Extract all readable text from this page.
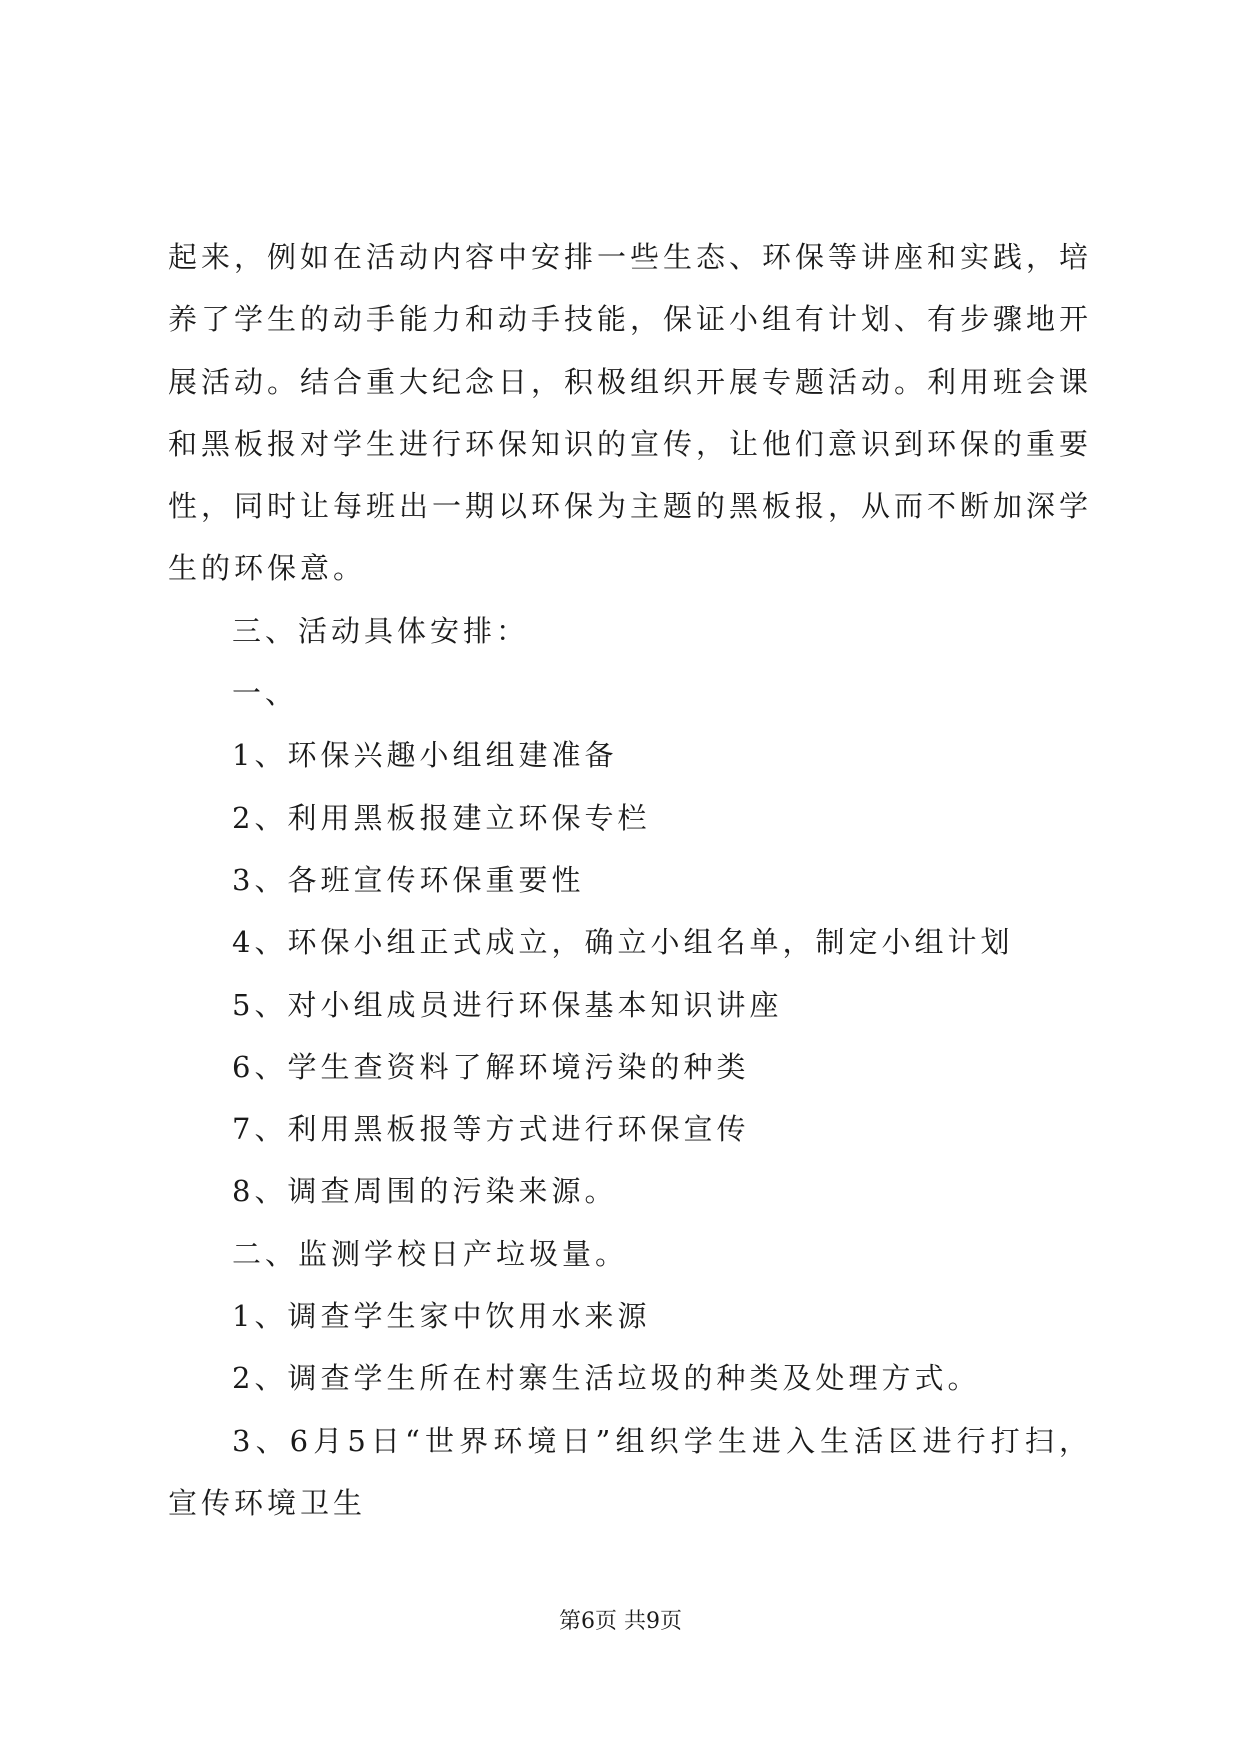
起来，例如在活动内容中安排一些生态、环保等讲座和实践，培
养了学生的动手能力和动手技能，保证小组有计划、有步骤地开
展活动。结合重大纪念日，积极组织开展专题活动。利用班会课
和黑板报对学生进行环保知识的宣传，让他们意识到环保的重要
性，同时让每班出一期以环保为主题的黑板报，从而不断加深学
生的环保意。
三、活动具体安排：
一、
1、环保兴趣小组组建准备
2、利用黑板报建立环保专栏
3、各班宣传环保重要性
4、环保小组正式成立，确立小组名单，制定小组计划
5、对小组成员进行环保基本知识讲座
6、学生查资料了解环境污染的种类
7、利用黑板报等方式进行环保宣传
8、调查周围的污染来源。
二、监测学校日产垃圾量。
1、调查学生家中饮用水来源
2、调查学生所在村寨生活垃圾的种类及处理方式。
3、6月5日“世界环境日”组织学生进入生活区进行打扫，
宣传环境卫生
第6页 共9页
